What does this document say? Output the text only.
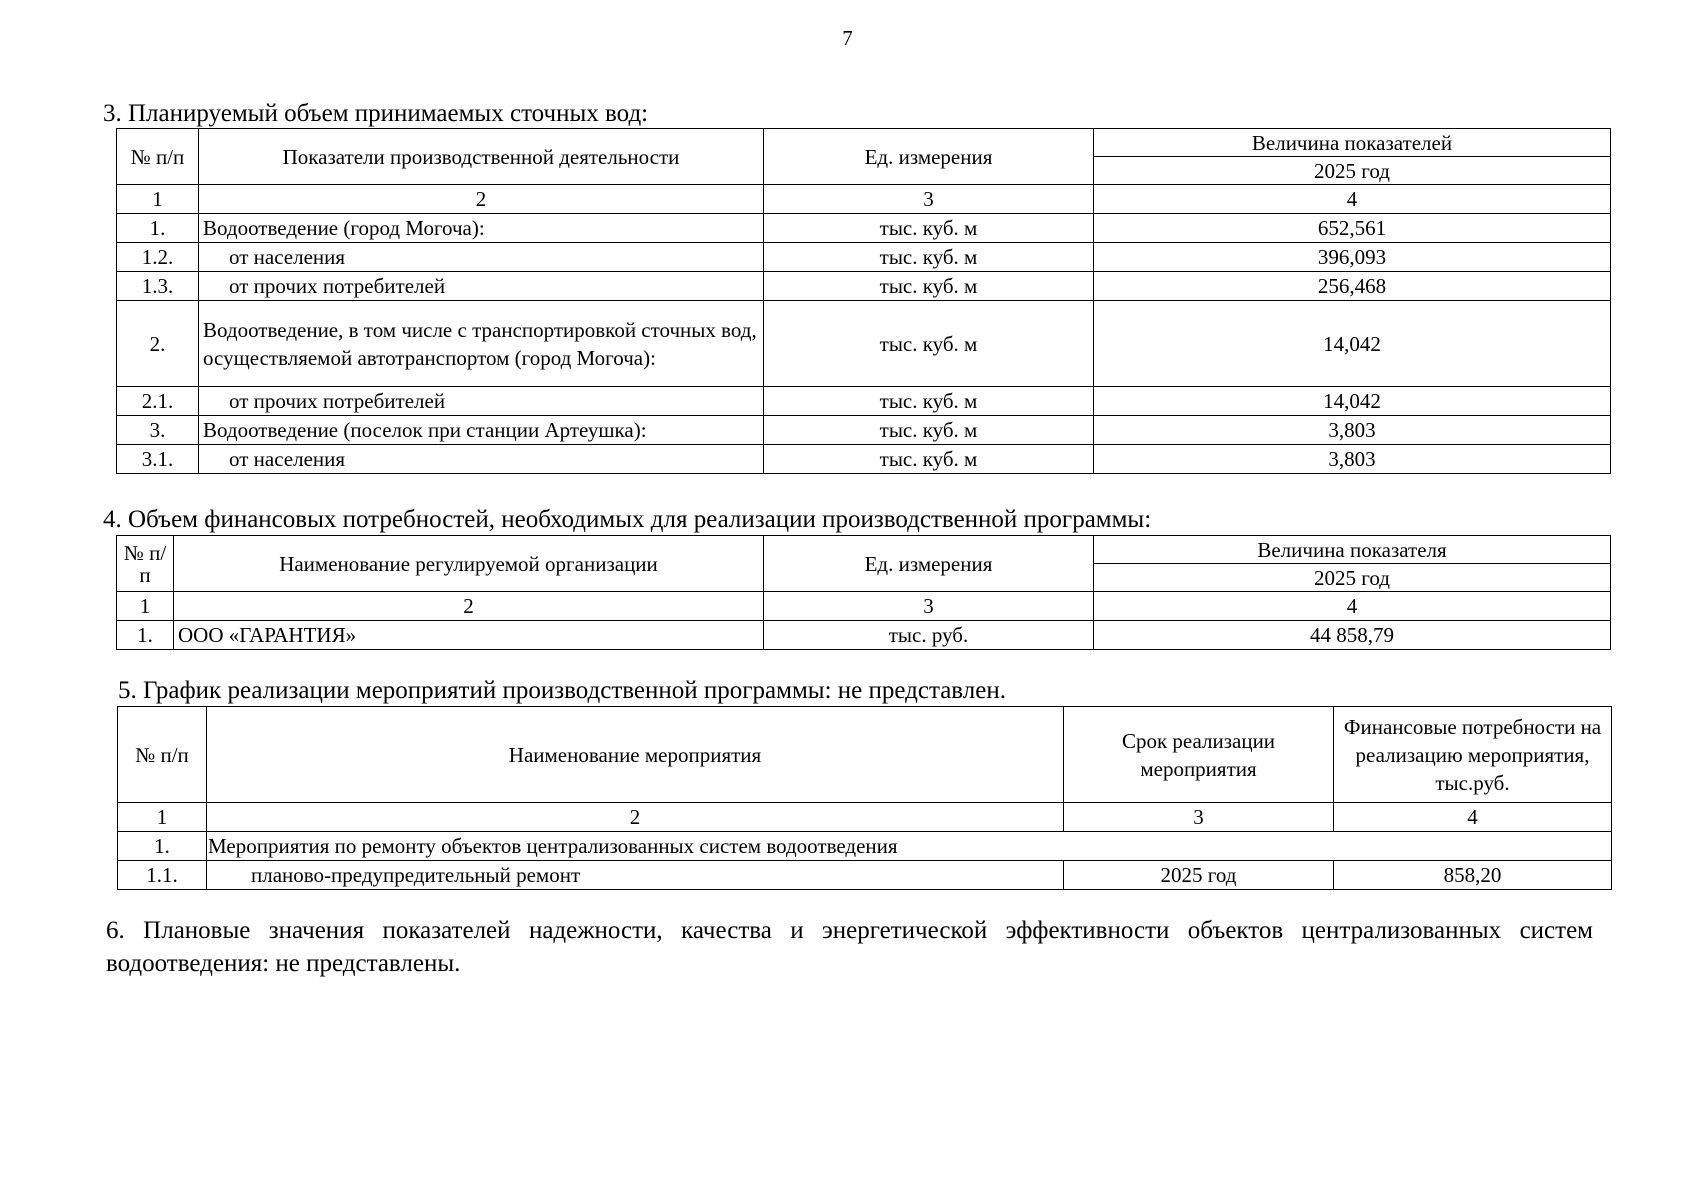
7
3. Планируемый объем принимаемых сточных вод:
№ п/п	Показатели производственной деятельности	Ед. измерения	Величина показателей
			2025 год
1	2	3	4
1.	Водоотведение (город Могоча):	тыс. куб. м	652,561
1.2.	от населения	тыс. куб. м	396,093
1.3.	от прочих потребителей	тыс. куб. м	256,468
2.	Водоотведение, в том числе с транспортировкой сточных вод, осуществляемой автотранспортом (город Могоча):	тыс. куб. м	14,042
2.1.	от прочих потребителей	тыс. куб. м	14,042
3.	Водоотведение (поселок при станции Артеушка):	тыс. куб. м	3,803
3.1.	от населения	тыс. куб. м	3,803
4. Объем финансовых потребностей, необходимых для реализации производственной программы:
№ п/п	Наименование регулируемой организации	Ед. измерения	Величина показателя
			2025 год
1	2	3	4
1.	ООО «ГАРАНТИЯ»	тыс. руб.	44 858,79
5. График реализации мероприятий производственной программы: не представлен.
№ п/п	Наименование мероприятия	Срок реализации мероприятия	Финансовые потребности на реализацию мероприятия, тыс.руб.
1	2	3	4
1.	Мероприятия по ремонту объектов централизованных систем водоотведения		
1.1.	планово-предупредительный ремонт	2025 год	858,20
6. Плановые значения показателей надежности, качества и энергетической эффективности объектов централизованных систем водоотведения: не представлены.
